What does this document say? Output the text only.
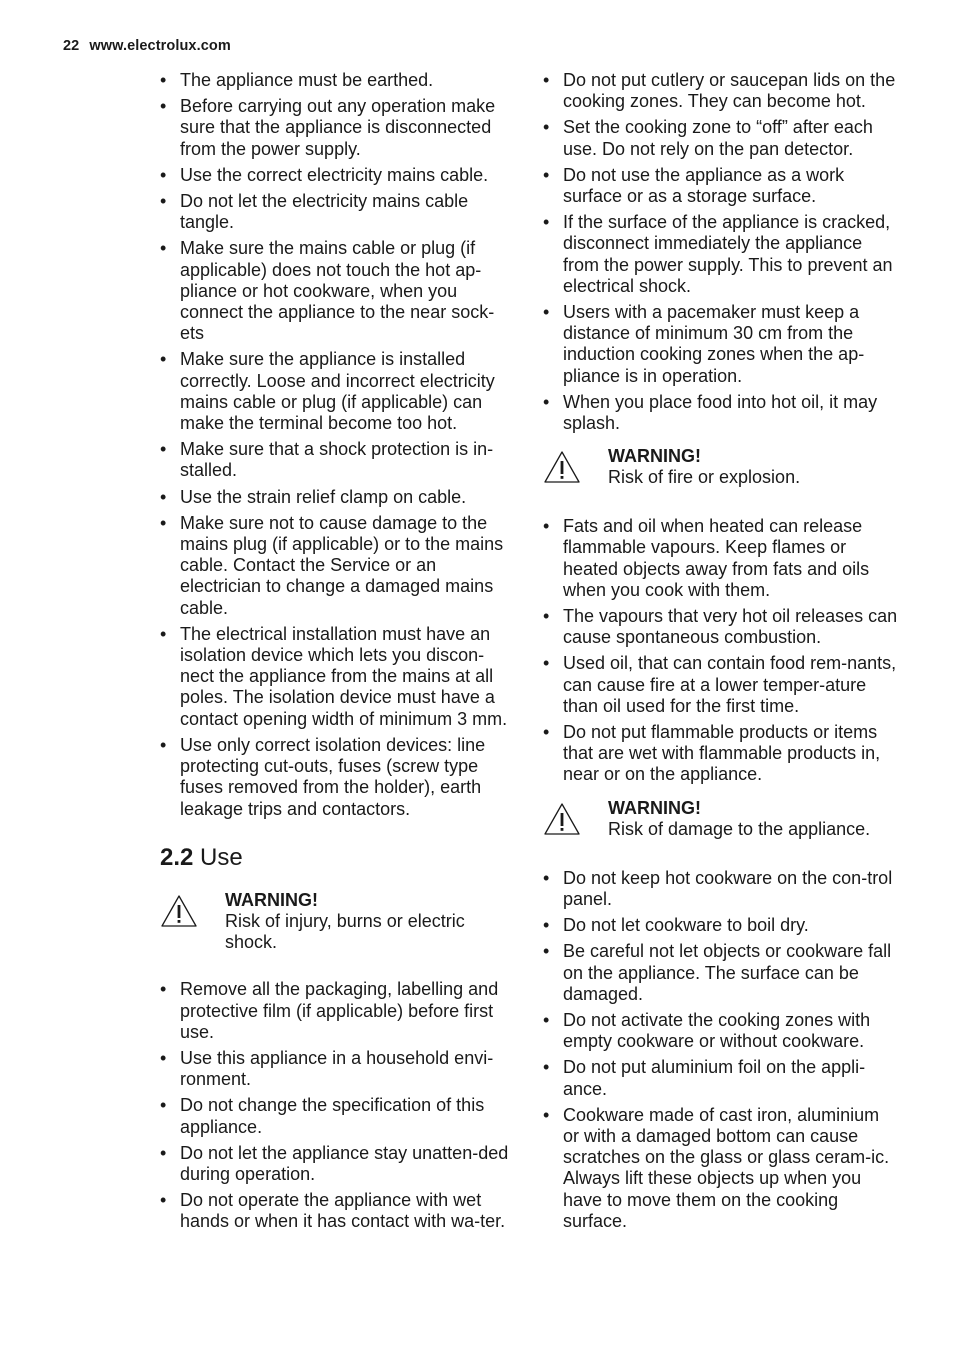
22 www.electrolux.com
• The appliance must be earthed.
• Before carrying out any operation make sure that the appliance is disconnected from the power supply.
• Use the correct electricity mains cable.
• Do not let the electricity mains cable tangle.
• Make sure the mains cable or plug (if applicable) does not touch the hot ap-pliance or hot cookware, when you connect the appliance to the near sock-ets
• Make sure the appliance is installed correctly. Loose and incorrect electricity mains cable or plug (if applicable) can make the terminal become too hot.
• Make sure that a shock protection is in-stalled.
• Use the strain relief clamp on cable.
• Make sure not to cause damage to the mains plug (if applicable) or to the mains cable. Contact the Service or an electrician to change a damaged mains cable.
• The electrical installation must have an isolation device which lets you discon-nect the appliance from the mains at all poles. The isolation device must have a contact opening width of minimum 3 mm.
• Use only correct isolation devices: line protecting cut-outs, fuses (screw type fuses removed from the holder), earth leakage trips and contactors.
2.2 Use
WARNING!
Risk of injury, burns or electric shock.
• Remove all the packaging, labelling and protective film (if applicable) before first use.
• Use this appliance in a household envi-ronment.
• Do not change the specification of this appliance.
• Do not let the appliance stay unatten-ded during operation.
• Do not operate the appliance with wet hands or when it has contact with wa-ter.
• Do not put cutlery or saucepan lids on the cooking zones. They can become hot.
• Set the cooking zone to “off” after each use. Do not rely on the pan detector.
• Do not use the appliance as a work surface or as a storage surface.
• If the surface of the appliance is cracked, disconnect immediately the appliance from the power supply. This to prevent an electrical shock.
• Users with a pacemaker must keep a distance of minimum 30 cm from the induction cooking zones when the ap-pliance is in operation.
• When you place food into hot oil, it may splash.
WARNING!
Risk of fire or explosion.
• Fats and oil when heated can release flammable vapours. Keep flames or heated objects away from fats and oils when you cook with them.
• The vapours that very hot oil releases can cause spontaneous combustion.
• Used oil, that can contain food rem-nants, can cause fire at a lower temper-ature than oil used for the first time.
• Do not put flammable products or items that are wet with flammable products in, near or on the appliance.
WARNING!
Risk of damage to the appliance.
• Do not keep hot cookware on the con-trol panel.
• Do not let cookware to boil dry.
• Be careful not let objects or cookware fall on the appliance. The surface can be damaged.
• Do not activate the cooking zones with empty cookware or without cookware.
• Do not put aluminium foil on the appli-ance.
• Cookware made of cast iron, aluminium or with a damaged bottom can cause scratches on the glass or glass ceram-ic. Always lift these objects up when you have to move them on the cooking surface.
